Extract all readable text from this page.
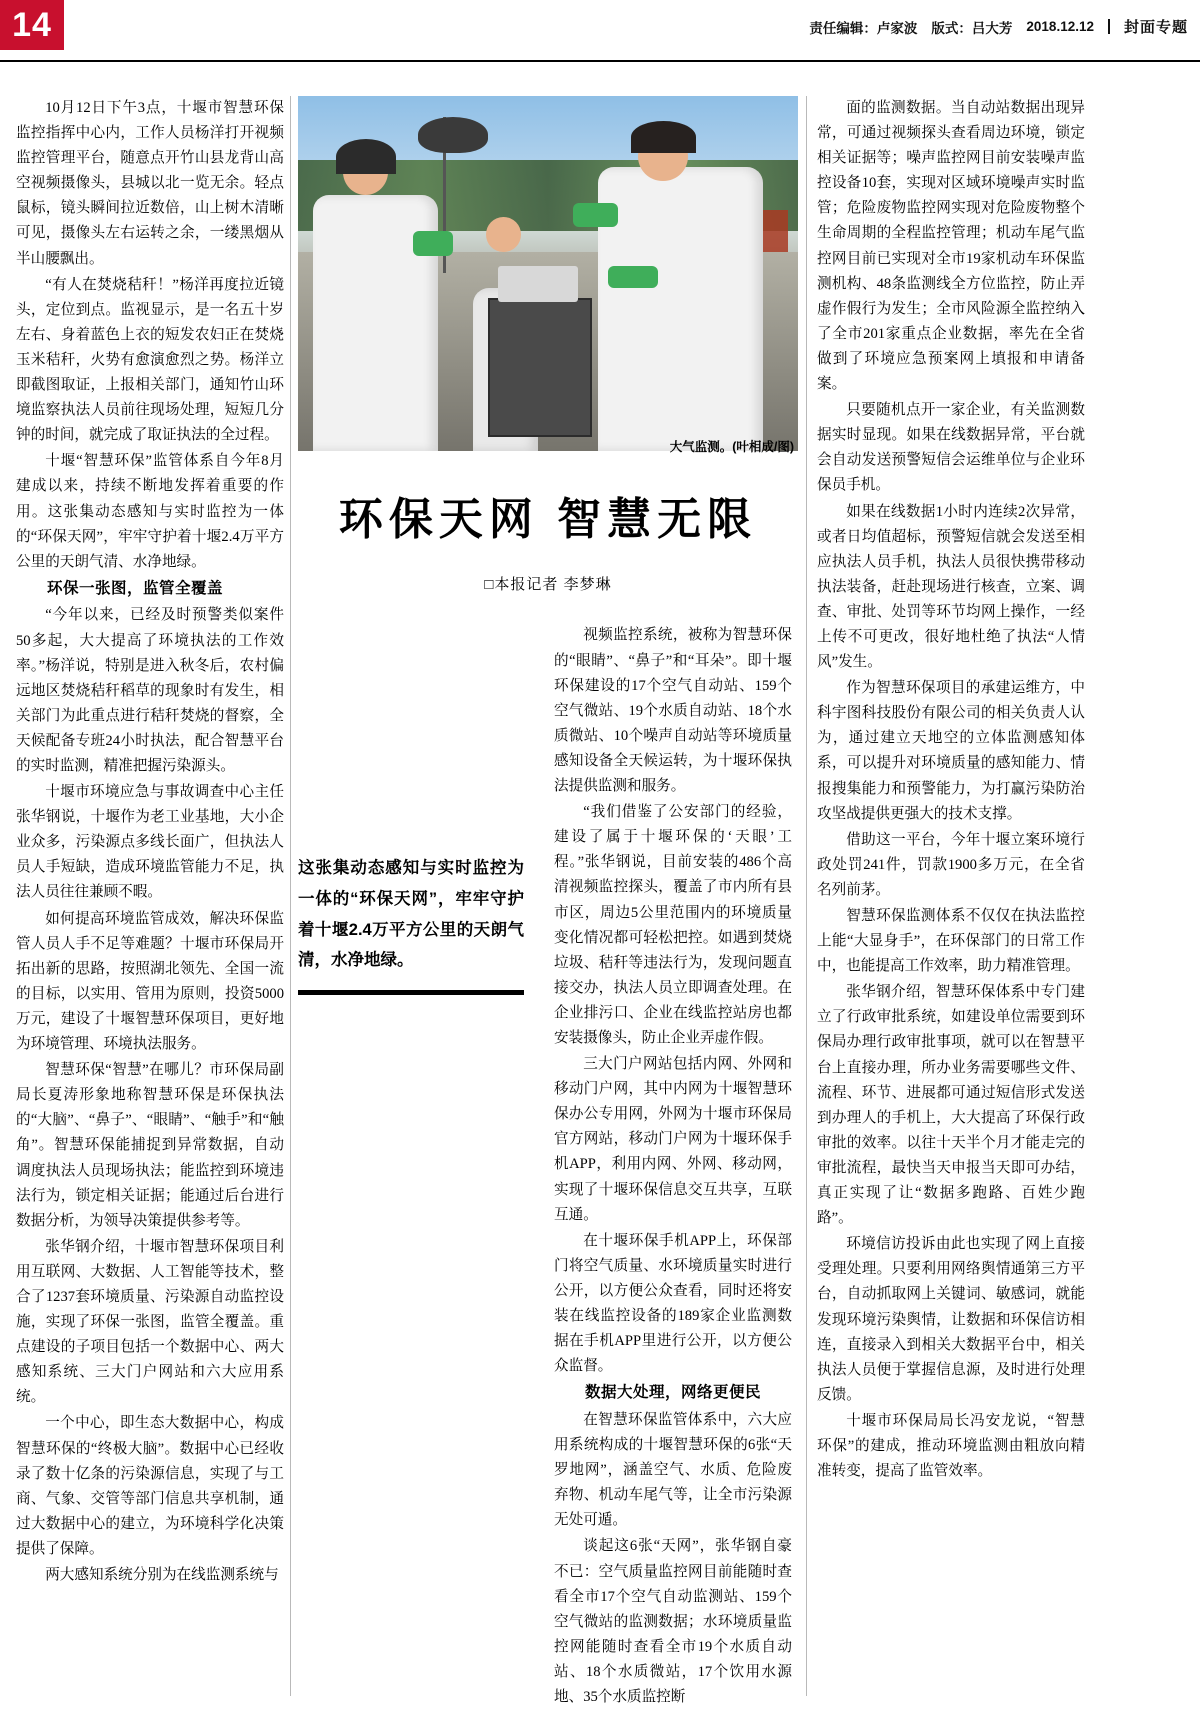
14	责任编辑：卢家波 版式：吕大芳 2018.12.12 封面专题

10月12日下午3点，十堰市智慧环保监控指挥中心内，工作人员杨洋打开视频监控管理平台，随意点开竹山县龙背山高空视频摄像头，县城以北一览无余。轻点鼠标，镜头瞬间拉近数倍，山上树木清晰可见，摄像头左右运转之余，一缕黑烟从半山腰飘出。

“有人在焚烧秸秆！”杨洋再度拉近镜头，定位到点。监视显示，是一名五十岁左右、身着蓝色上衣的短发农妇正在焚烧玉米秸秆，火势有愈演愈烈之势。杨洋立即截图取证，上报相关部门，通知竹山环境监察执法人员前往现场处理，短短几分钟的时间，就完成了取证执法的全过程。

十堰“智慧环保”监管体系自今年8月建成以来，持续不断地发挥着重要的作用。这张集动态感知与实时监控为一体的“环保天网”，牢牢守护着十堰2.4万平方公里的天朗气清、水净地绿。

环保一张图，监管全覆盖

“今年以来，已经及时预警类似案件50多起，大大提高了环境执法的工作效率。”杨洋说，特别是进入秋冬后，农村偏远地区焚烧秸秆稻草的现象时有发生，相关部门为此重点进行秸秆焚烧的督察，全天候配备专班24小时执法，配合智慧平台的实时监测，精准把握污染源头。

十堰市环境应急与事故调查中心主任张华钢说，十堰作为老工业基地，大小企业众多，污染源点多线长面广，但执法人员人手短缺，造成环境监管能力不足，执法人员往往兼顾不暇。

如何提高环境监管成效，解决环保监管人员人手不足等难题？十堰市环保局开拓出新的思路，按照湖北领先、全国一流的目标，以实用、管用为原则，投资5000万元，建设了十堰智慧环保项目，更好地为环境管理、环境执法服务。

智慧环保“智慧”在哪儿？市环保局副局长夏涛形象地称智慧环保是环保执法的“大脑”、“鼻子”、“眼睛”、“触手”和“触角”。智慧环保能捕捉到异常数据，自动调度执法人员现场执法；能监控到环境违法行为，锁定相关证据；能通过后台进行数据分析，为领导决策提供参考等。

张华钢介绍，十堰市智慧环保项目利用互联网、大数据、人工智能等技术，整合了1237套环境质量、污染源自动监控设施，实现了环保一张图，监管全覆盖。重点建设的子项目包括一个数据中心、两大感知系统、三大门户网站和六大应用系统。

一个中心，即生态大数据中心，构成智慧环保的“终极大脑”。数据中心已经收录了数十亿条的污染源信息，实现了与工商、气象、交管等部门信息共享机制，通过大数据中心的建立，为环境科学化决策提供了保障。

两大感知系统分别为在线监测系统与

大气监测。(叶相成/图)
环保天网 智慧无限
□本报记者 李梦琳
这张集动态感知与实时监控为一体的“环保天网”，牢牢守护着十堰2.4万平方公里的天朗气清，水净地绿。

视频监控系统，被称为智慧环保的“眼睛”、“鼻子”和“耳朵”。即十堰环保建设的17个空气自动站、159个空气微站、19个水质自动站、18个水质微站、10个噪声自动站等环境质量感知设备全天候运转，为十堰环保执法提供监测和服务。

“我们借鉴了公安部门的经验，建设了属于十堰环保的‘天眼’工程。”张华钢说，目前安装的486个高清视频监控探头，覆盖了市内所有县市区，周边5公里范围内的环境质量变化情况都可轻松把控。如遇到焚烧垃圾、秸秆等违法行为，发现问题直接交办，执法人员立即调查处理。在企业排污口、企业在线监控站房也都安装摄像头，防止企业弄虚作假。

三大门户网站包括内网、外网和移动门户网，其中内网为十堰智慧环保办公专用网，外网为十堰市环保局官方网站，移动门户网为十堰环保手机APP，利用内网、外网、移动网，实现了十堰环保信息交互共享，互联互通。

在十堰环保手机APP上，环保部门将空气质量、水环境质量实时进行公开，以方便公众查看，同时还将安装在线监控设备的189家企业监测数据在手机APP里进行公开，以方便公众监督。

数据大处理，网络更便民

在智慧环保监管体系中，六大应用系统构成的十堰智慧环保的6张“天罗地网”，涵盖空气、水质、危险废弃物、机动车尾气等，让全市污染源无处可遁。

谈起这6张“天网”，张华钢自豪不已：空气质量监控网目前能随时查看全市17个空气自动监测站、159个空气微站的监测数据；水环境质量监控网能随时查看全市19个水质自动站、18个水质微站，17个饮用水源地、35个水质监控断

面的监测数据。当自动站数据出现异常，可通过视频探头查看周边环境，锁定相关证据等；噪声监控网目前安装噪声监控设备10套，实现对区域环境噪声实时监管；危险废物监控网实现对危险废物整个生命周期的全程监控管理；机动车尾气监控网目前已实现对全市19家机动车环保监测机构、48条监测线全方位监控，防止弄虚作假行为发生；全市风险源全监控纳入了全市201家重点企业数据，率先在全省做到了环境应急预案网上填报和申请备案。

只要随机点开一家企业，有关监测数据实时显现。如果在线数据异常，平台就会自动发送预警短信会运维单位与企业环保员手机。

如果在线数据1小时内连续2次异常，或者日均值超标，预警短信就会发送至相应执法人员手机，执法人员很快携带移动执法装备，赶赴现场进行核查，立案、调查、审批、处罚等环节均网上操作，一经上传不可更改，很好地杜绝了执法“人情风”发生。

作为智慧环保项目的承建运维方，中科宇图科技股份有限公司的相关负责人认为，通过建立天地空的立体监测感知体系，可以提升对环境质量的感知能力、情报搜集能力和预警能力，为打赢污染防治攻坚战提供更强大的技术支撑。

借助这一平台，今年十堰立案环境行政处罚241件，罚款1900多万元，在全省名列前茅。

智慧环保监测体系不仅仅在执法监控上能“大显身手”，在环保部门的日常工作中，也能提高工作效率，助力精准管理。

张华钢介绍，智慧环保体系中专门建立了行政审批系统，如建设单位需要到环保局办理行政审批事项，就可以在智慧平台上直接办理，所办业务需要哪些文件、流程、环节、进展都可通过短信形式发送到办理人的手机上，大大提高了环保行政审批的效率。以往十天半个月才能走完的审批流程，最快当天申报当天即可办结，真正实现了让“数据多跑路、百姓少跑路”。

环境信访投诉由此也实现了网上直接受理处理。只要利用网络舆情通第三方平台，自动抓取网上关键词、敏感词，就能发现环境污染舆情，让数据和环保信访相连，直接录入到相关大数据平台中，相关执法人员便于掌握信息源，及时进行处理反馈。

十堰市环保局局长冯安龙说，“智慧环保”的建成，推动环境监测由粗放向精准转变，提高了监管效率。
